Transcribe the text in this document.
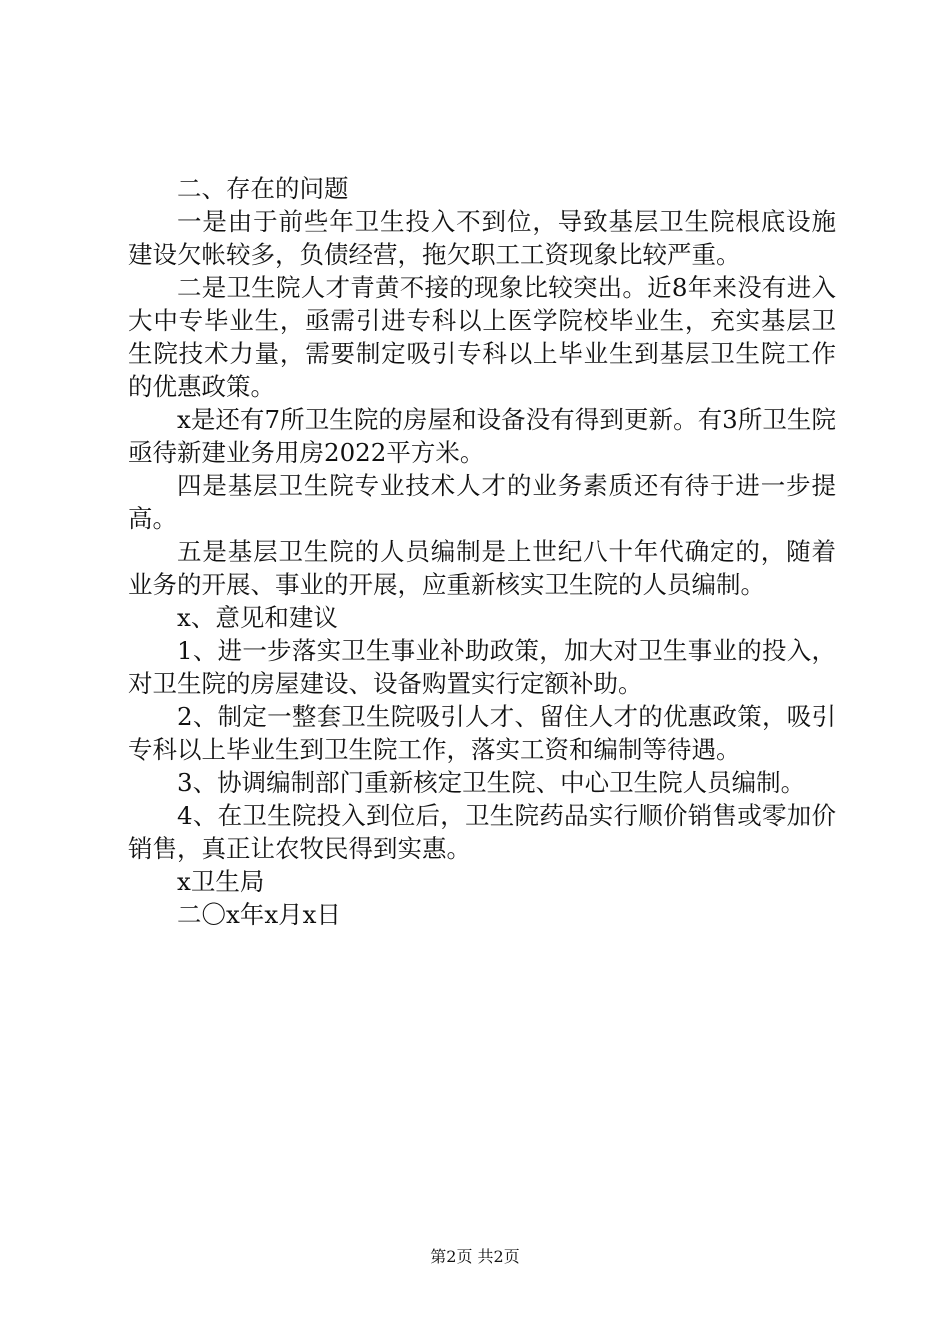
二、存在的问题

一是由于前些年卫生投入不到位，导致基层卫生院根底设施建设欠帐较多，负债经营，拖欠职工工资现象比较严重。

二是卫生院人才青黄不接的现象比较突出。近8年来没有进入大中专毕业生，亟需引进专科以上医学院校毕业生，充实基层卫生院技术力量，需要制定吸引专科以上毕业生到基层卫生院工作的优惠政策。

x是还有7所卫生院的房屋和设备没有得到更新。有3所卫生院亟待新建业务用房2022平方米。

四是基层卫生院专业技术人才的业务素质还有待于进一步提高。

五是基层卫生院的人员编制是上世纪八十年代确定的，随着业务的开展、事业的开展，应重新核实卫生院的人员编制。

x、意见和建议

1、进一步落实卫生事业补助政策，加大对卫生事业的投入，对卫生院的房屋建设、设备购置实行定额补助。

2、制定一整套卫生院吸引人才、留住人才的优惠政策，吸引专科以上毕业生到卫生院工作，落实工资和编制等待遇。

3、协调编制部门重新核定卫生院、中心卫生院人员编制。

4、在卫生院投入到位后，卫生院药品实行顺价销售或零加价销售，真正让农牧民得到实惠。

x卫生局

二〇x年x月x日

第2页 共2页
